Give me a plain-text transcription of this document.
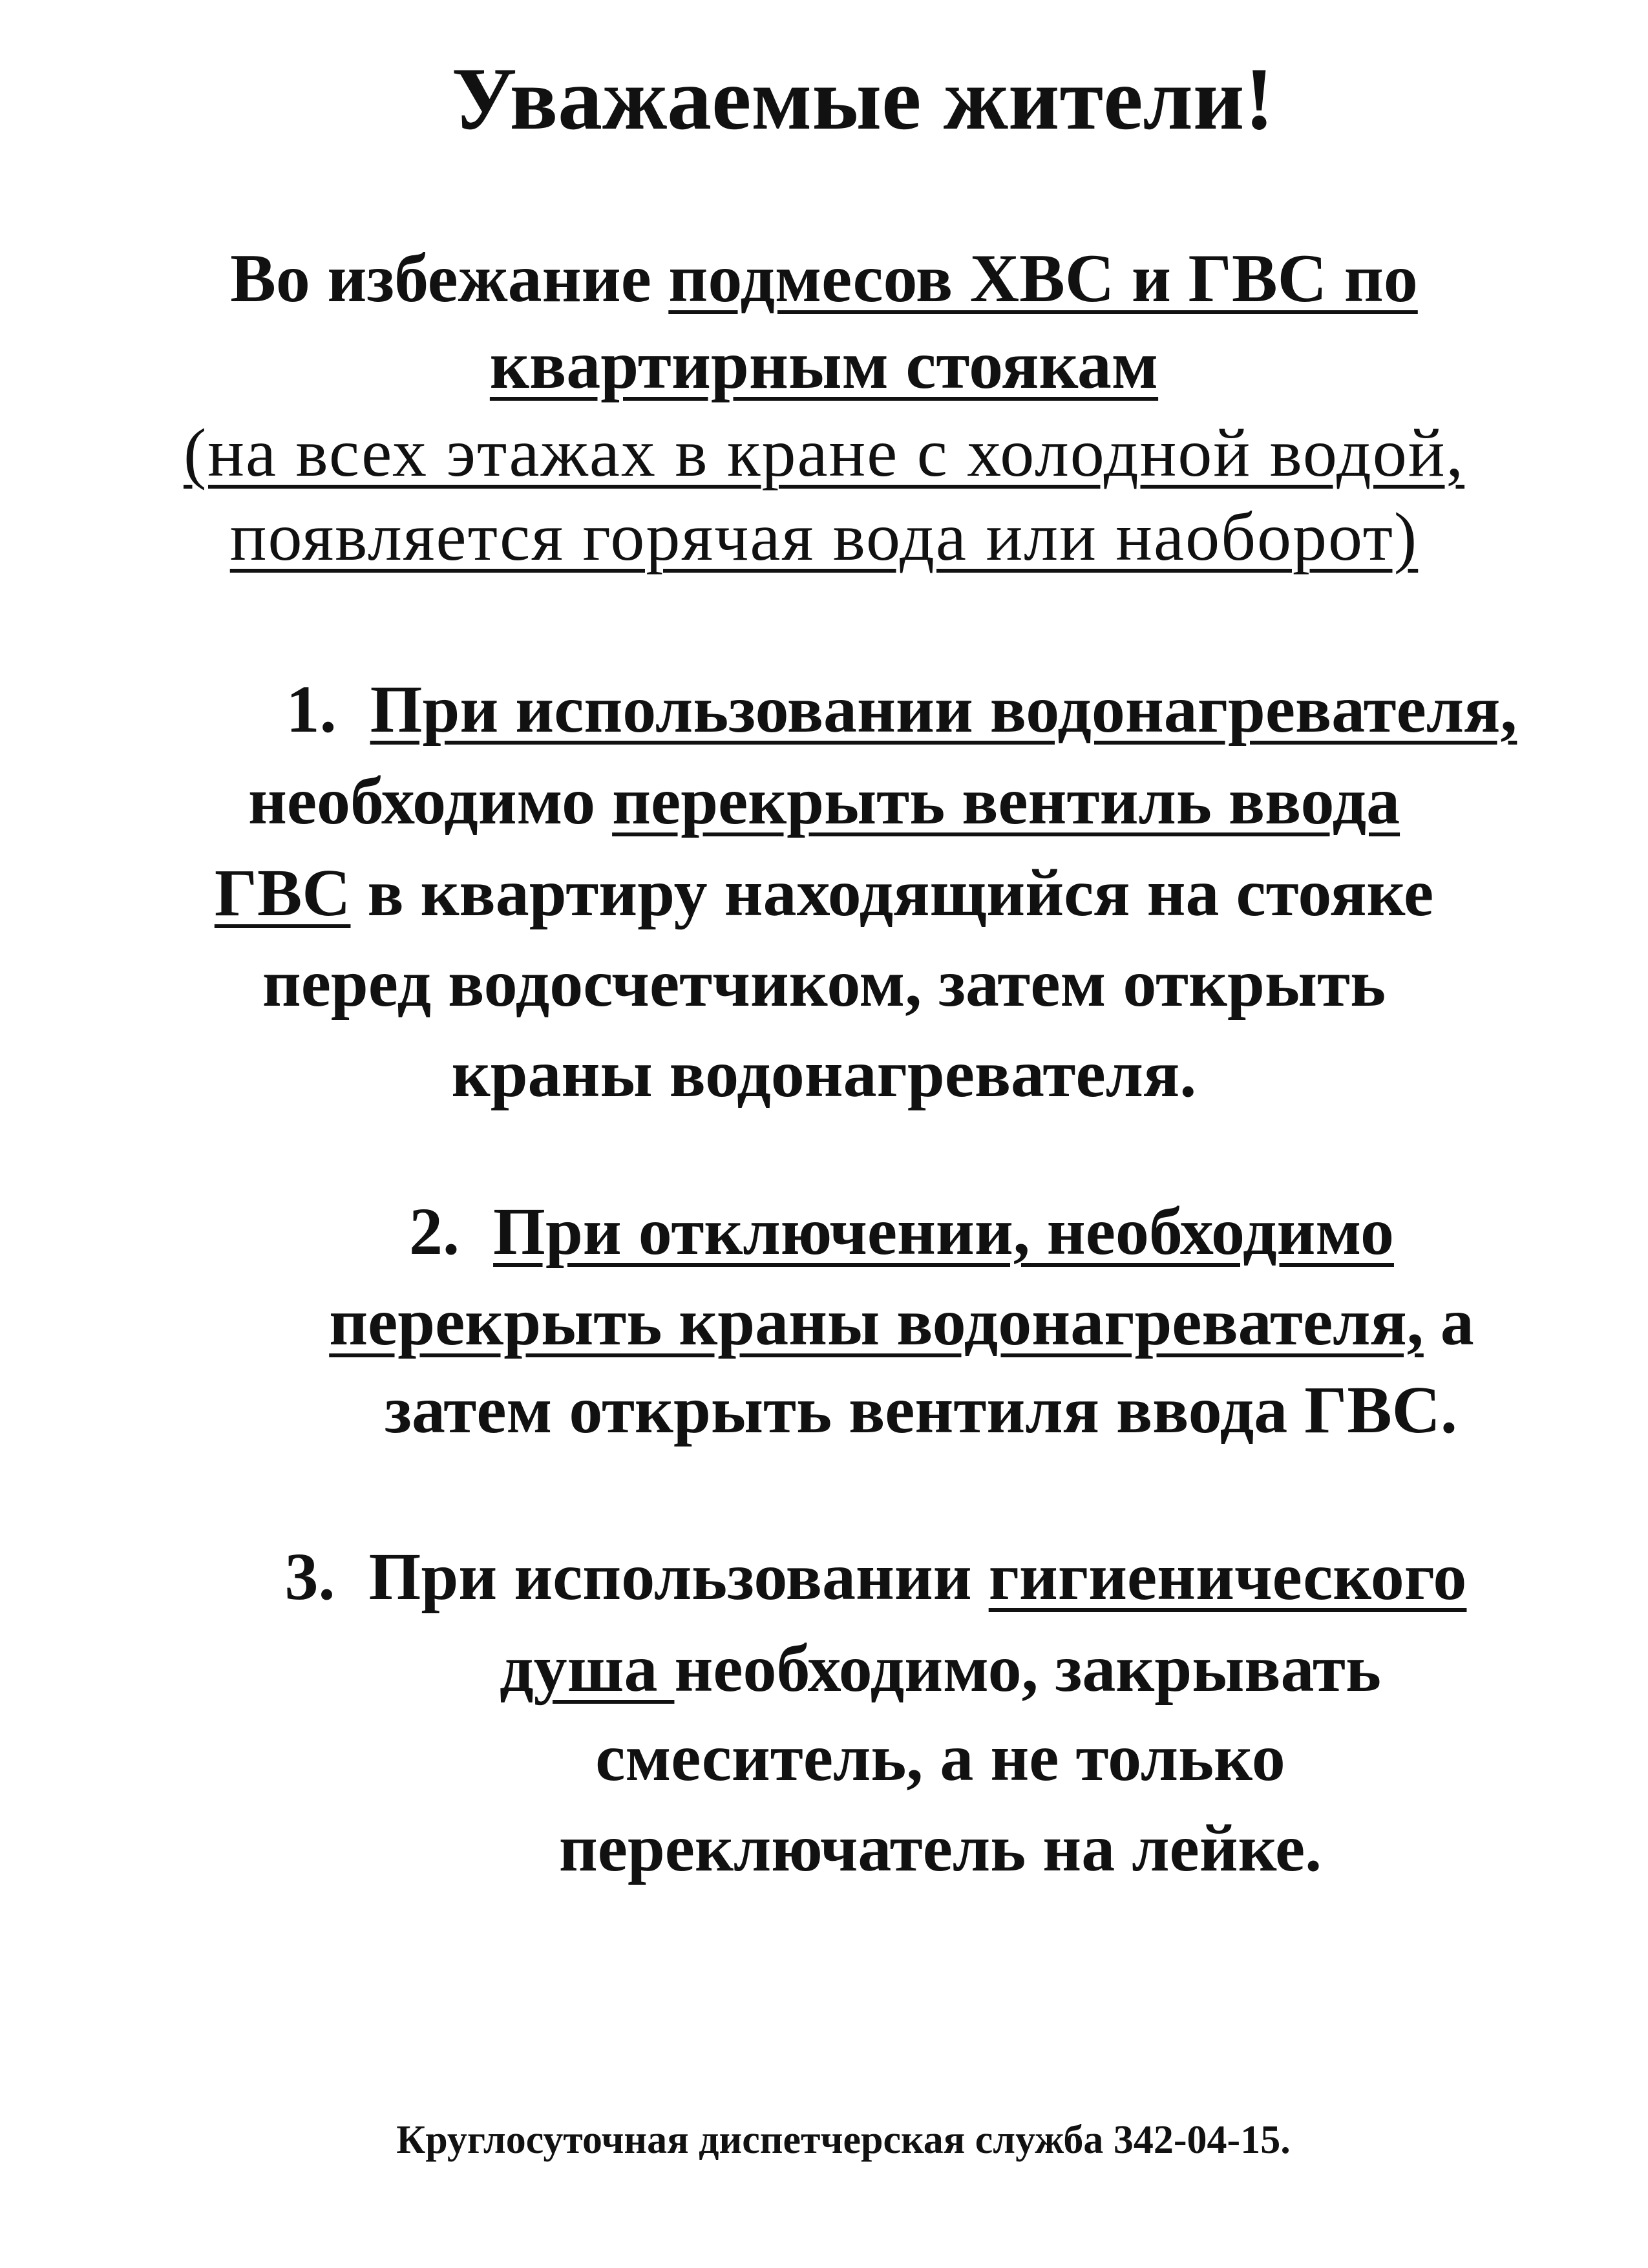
Уважаемые жители!
Во избежание подмесов ХВС и ГВС по
квартирным стоякам
(на всех этажах в кране с холодной водой,
появляется горячая вода или наоборот)
1. При использовании водонагревателя,
необходимо перекрыть вентиль ввода
ГВС в квартиру находящийся на стояке
перед водосчетчиком, затем открыть
краны водонагревателя.
2. При отключении, необходимо
перекрыть краны водонагревателя, а
затем открыть вентиля ввода ГВС.
3. При использовании гигиенического
душа необходимо, закрывать
смеситель, а не только
переключатель на лейке.
Круглосуточная диспетчерская служба 342-04-15.
